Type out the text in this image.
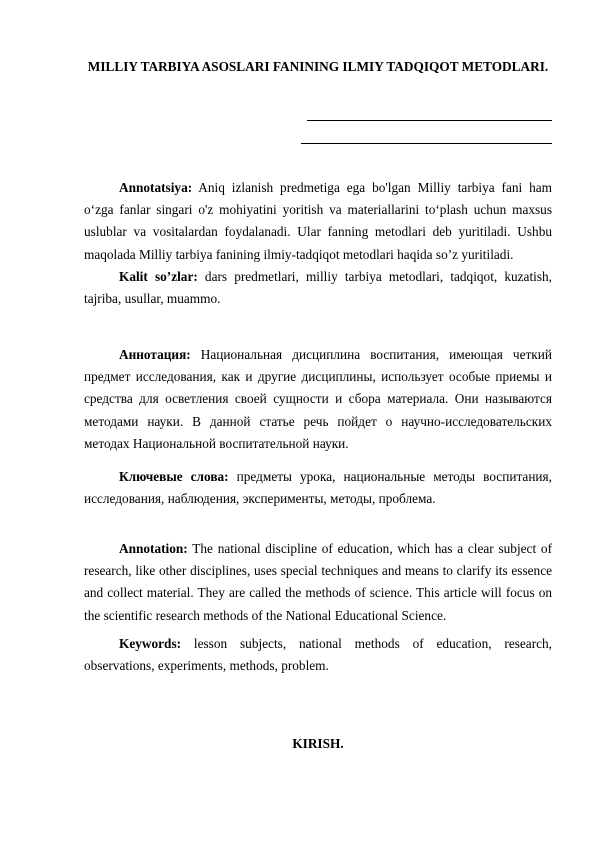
MILLIY TARBIYA ASOSLARI FANINING ILMIY TADQIQOT METODLARI.

Annotatsiya: Aniq izlanish predmetiga ega bo'lgan Milliy tarbiya fani ham o‘zga fanlar singari o'z mohiyatini yoritish va materiallarini to‘plash uchun maxsus uslublar va vositalardan foydalanadi. Ular fanning metodlari deb yuritiladi. Ushbu maqolada Milliy tarbiya fanining ilmiy-tadqiqot metodlari haqida so’z yuritiladi.

Kalit so’zlar: dars predmetlari, milliy tarbiya metodlari, tadqiqot, kuzatish, tajriba, usullar, muammo.

Аннотация: Национальная дисциплина воспитания, имеющая четкий предмет исследования, как и другие дисциплины, использует особые приемы и средства для осветления своей сущности и сбора материала. Они называются методами науки. В данной статье речь пойдет о научно-исследовательских методах Национальной воспитательной науки.

Ключевые слова: предметы урока, национальные методы воспитания, исследования, наблюдения, эксперименты, методы, проблема.

Annotation: The national discipline of education, which has a clear subject of research, like other disciplines, uses special techniques and means to clarify its essence and collect material. They are called the methods of science. This article will focus on the scientific research methods of the National Educational Science.

Keywords: lesson subjects, national methods of education, research, observations, experiments, methods, problem.

KIRISH.
